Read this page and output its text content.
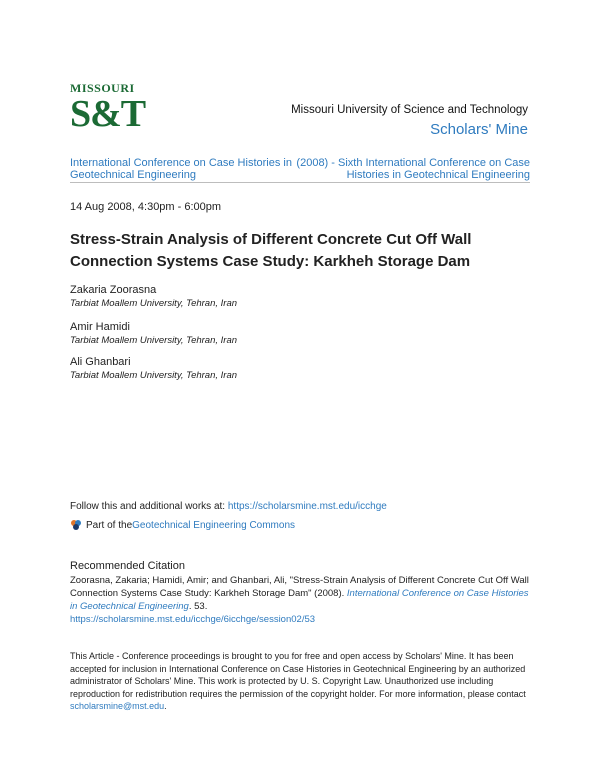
MISSOURI
S&T	Missouri University of Science and Technology
Scholars' Mine
International Conference on Case Histories in
Geotechnical Engineering
(2008) - Sixth International Conference on Case
Histories in Geotechnical Engineering
14 Aug 2008, 4:30pm - 6:00pm
Stress-Strain Analysis of Different Concrete Cut Off Wall Connection Systems Case Study: Karkheh Storage Dam
Zakaria Zoorasna
Tarbiat Moallem University, Tehran, Iran
Amir Hamidi
Tarbiat Moallem University, Tehran, Iran
Ali Ghanbari
Tarbiat Moallem University, Tehran, Iran
Follow this and additional works at: https://scholarsmine.mst.edu/icchge
Part of the Geotechnical Engineering Commons
Recommended Citation
Zoorasna, Zakaria; Hamidi, Amir; and Ghanbari, Ali, "Stress-Strain Analysis of Different Concrete Cut Off Wall Connection Systems Case Study: Karkheh Storage Dam" (2008). International Conference on Case Histories in Geotechnical Engineering. 53.
https://scholarsmine.mst.edu/icchge/6icchge/session02/53
This Article - Conference proceedings is brought to you for free and open access by Scholars' Mine. It has been accepted for inclusion in International Conference on Case Histories in Geotechnical Engineering by an authorized administrator of Scholars' Mine. This work is protected by U. S. Copyright Law. Unauthorized use including reproduction for redistribution requires the permission of the copyright holder. For more information, please contact scholarsmine@mst.edu.
